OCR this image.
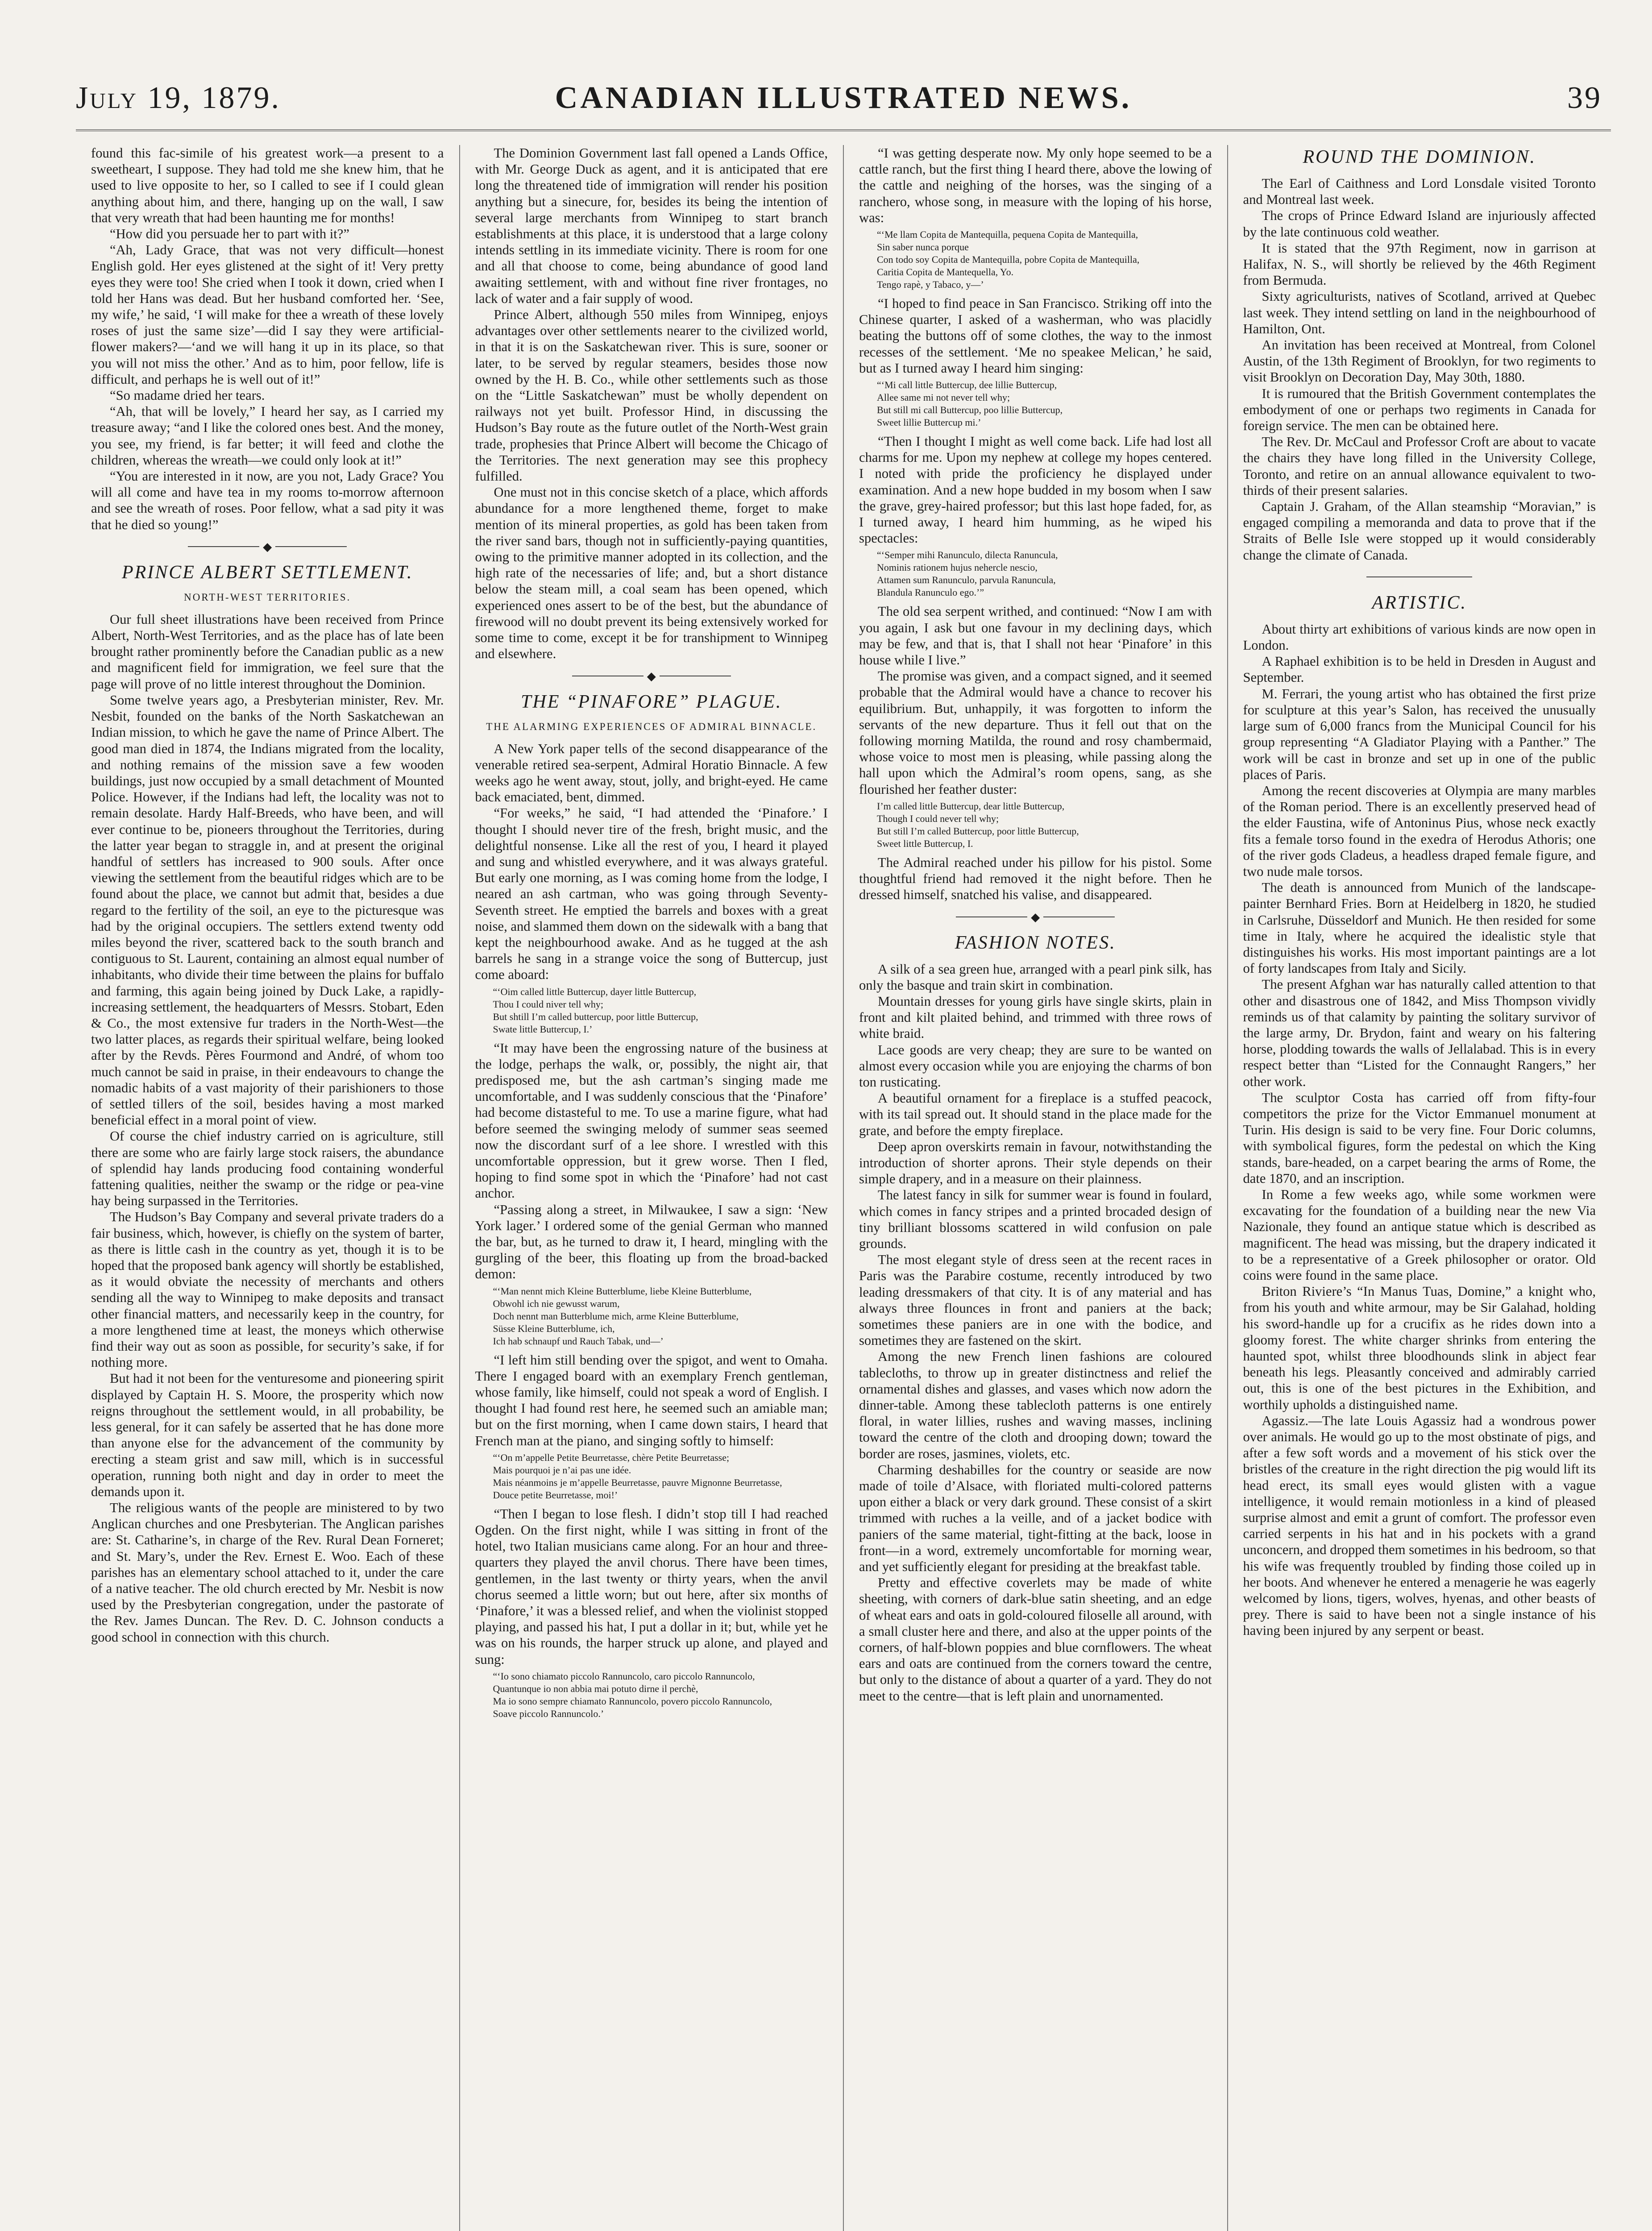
July 19, 1879.	CANADIAN ILLUSTRATED NEWS.	39

found this fac-simile of his greatest work—a present to a sweetheart, I suppose. They had told me she knew him, that he used to live opposite to her, so I called to see if I could glean anything about him, and there, hanging up on the wall, I saw that very wreath that had been haunting me for months!

“How did you persuade her to part with it?”

“Ah, Lady Grace, that was not very difficult—honest English gold. Her eyes glistened at the sight of it! Very pretty eyes they were too! She cried when I took it down, cried when I told her Hans was dead. But her husband comforted her. ‘See, my wife,’ he said, ‘I will make for thee a wreath of these lovely roses of just the same size’—did I say they were artificial-flower makers?—‘and we will hang it up in its place, so that you will not miss the other.’ And as to him, poor fellow, life is difficult, and perhaps he is well out of it!”

“So madame dried her tears.

“Ah, that will be lovely,” I heard her say, as I carried my treasure away; “and I like the colored ones best. And the money, you see, my friend, is far better; it will feed and clothe the children, whereas the wreath—we could only look at it!”

“You are interested in it now, are you not, Lady Grace? You will all come and have tea in my rooms to-morrow afternoon and see the wreath of roses. Poor fellow, what a sad pity it was that he died so young!”

◆
PRINCE ALBERT SETTLEMENT.
NORTH-WEST TERRITORIES.

Our full sheet illustrations have been received from Prince Albert, North-West Territories, and as the place has of late been brought rather prominently before the Canadian public as a new and magnificent field for immigration, we feel sure that the page will prove of no little interest throughout the Dominion.

Some twelve years ago, a Presbyterian minister, Rev. Mr. Nesbit, founded on the banks of the North Saskatchewan an Indian mission, to which he gave the name of Prince Albert. The good man died in 1874, the Indians migrated from the locality, and nothing remains of the mission save a few wooden buildings, just now occupied by a small detachment of Mounted Police. However, if the Indians had left, the locality was not to remain desolate. Hardy Half-Breeds, who have been, and will ever continue to be, pioneers throughout the Territories, during the latter year began to straggle in, and at present the original handful of settlers has increased to 900 souls. After once viewing the settlement from the beautiful ridges which are to be found about the place, we cannot but admit that, besides a due regard to the fertility of the soil, an eye to the picturesque was had by the original occupiers. The settlers extend twenty odd miles beyond the river, scattered back to the south branch and contiguous to St. Laurent, containing an almost equal number of inhabitants, who divide their time between the plains for buffalo and farming, this again being joined by Duck Lake, a rapidly-increasing settlement, the headquarters of Messrs. Stobart, Eden & Co., the most extensive fur traders in the North-West—the two latter places, as regards their spiritual welfare, being looked after by the Revds. Pères Fourmond and André, of whom too much cannot be said in praise, in their endeavours to change the nomadic habits of a vast majority of their parishioners to those of settled tillers of the soil, besides having a most marked beneficial effect in a moral point of view.

Of course the chief industry carried on is agriculture, still there are some who are fairly large stock raisers, the abundance of splendid hay lands producing food containing wonderful fattening qualities, neither the swamp or the ridge or pea-vine hay being surpassed in the Territories.

The Hudson’s Bay Company and several private traders do a fair business, which, however, is chiefly on the system of barter, as there is little cash in the country as yet, though it is to be hoped that the proposed bank agency will shortly be established, as it would obviate the necessity of merchants and others sending all the way to Winnipeg to make deposits and transact other financial matters, and necessarily keep in the country, for a more lengthened time at least, the moneys which otherwise find their way out as soon as possible, for security’s sake, if for nothing more.

But had it not been for the venturesome and pioneering spirit displayed by Captain H. S. Moore, the prosperity which now reigns throughout the settlement would, in all probability, be less general, for it can safely be asserted that he has done more than anyone else for the advancement of the community by erecting a steam grist and saw mill, which is in successful operation, running both night and day in order to meet the demands upon it.

The religious wants of the people are ministered to by two Anglican churches and one Presbyterian. The Anglican parishes are: St. Catharine’s, in charge of the Rev. Rural Dean Forneret; and St. Mary’s, under the Rev. Ernest E. Woo. Each of these parishes has an elementary school attached to it, under the care of a native teacher. The old church erected by Mr. Nesbit is now used by the Presbyterian congregation, under the pastorate of the Rev. James Duncan. The Rev. D. C. Johnson conducts a good school in connection with this church.

The Dominion Government last fall opened a Lands Office, with Mr. George Duck as agent, and it is anticipated that ere long the threatened tide of immigration will render his position anything but a sinecure, for, besides its being the intention of several large merchants from Winnipeg to start branch establishments at this place, it is understood that a large colony intends settling in its immediate vicinity. There is room for one and all that choose to come, being abundance of good land awaiting settlement, with and without fine river frontages, no lack of water and a fair supply of wood.

Prince Albert, although 550 miles from Winnipeg, enjoys advantages over other settlements nearer to the civilized world, in that it is on the Saskatchewan river. This is sure, sooner or later, to be served by regular steamers, besides those now owned by the H. B. Co., while other settlements such as those on the “Little Saskatchewan” must be wholly dependent on railways not yet built. Professor Hind, in discussing the Hudson’s Bay route as the future outlet of the North-West grain trade, prophesies that Prince Albert will become the Chicago of the Territories. The next generation may see this prophecy fulfilled.

One must not in this concise sketch of a place, which affords abundance for a more lengthened theme, forget to make mention of its mineral properties, as gold has been taken from the river sand bars, though not in sufficiently-paying quantities, owing to the primitive manner adopted in its collection, and the high rate of the necessaries of life; and, but a short distance below the steam mill, a coal seam has been opened, which experienced ones assert to be of the best, but the abundance of firewood will no doubt prevent its being extensively worked for some time to come, except it be for transhipment to Winnipeg and elsewhere.

◆
THE “PINAFORE” PLAGUE.
THE ALARMING EXPERIENCES OF ADMIRAL BINNACLE.

A New York paper tells of the second disappearance of the venerable retired sea-serpent, Admiral Horatio Binnacle. A few weeks ago he went away, stout, jolly, and bright-eyed. He came back emaciated, bent, dimmed.

“For weeks,” he said, “I had attended the ‘Pinafore.’ I thought I should never tire of the fresh, bright music, and the delightful nonsense. Like all the rest of you, I heard it played and sung and whistled everywhere, and it was always grateful. But early one morning, as I was coming home from the lodge, I neared an ash cartman, who was going through Seventy-Seventh street. He emptied the barrels and boxes with a great noise, and slammed them down on the sidewalk with a bang that kept the neighbourhood awake. And as he tugged at the ash barrels he sang in a strange voice the song of Buttercup, just come aboard:

“‘Oim called little Buttercup, dayer little Buttercup,
Thou I could niver tell why;
But shtill I’m called buttercup, poor little Buttercup,
Swate little Buttercup, I.’

“It may have been the engrossing nature of the business at the lodge, perhaps the walk, or, possibly, the night air, that predisposed me, but the ash cartman’s singing made me uncomfortable, and I was suddenly conscious that the ‘Pinafore’ had become distasteful to me. To use a marine figure, what had before seemed the swinging melody of summer seas seemed now the discordant surf of a lee shore. I wrestled with this uncomfortable oppression, but it grew worse. Then I fled, hoping to find some spot in which the ‘Pinafore’ had not cast anchor.

“Passing along a street, in Milwaukee, I saw a sign: ‘New York lager.’ I ordered some of the genial German who manned the bar, but, as he turned to draw it, I heard, mingling with the gurgling of the beer, this floating up from the broad-backed demon:

“‘Man nennt mich Kleine Butterblume, liebe Kleine Butterblume,
Obwohl ich nie gewusst warum,
Doch nennt man Butterblume mich, arme Kleine Butterblume,
Süsse Kleine Butterblume, ich,
Ich hab schnaupf und Rauch Tabak, und—’

“I left him still bending over the spigot, and went to Omaha. There I engaged board with an exemplary French gentleman, whose family, like himself, could not speak a word of English. I thought I had found rest here, he seemed such an amiable man; but on the first morning, when I came down stairs, I heard that French man at the piano, and singing softly to himself:

“‘On m’appelle Petite Beurretasse, chère Petite Beurretasse;
Mais pourquoi je n’ai pas une idée.
Mais néanmoins je m’appelle Beurretasse, pauvre Mignonne Beurretasse,
Douce petite Beurretasse, moi!’

“Then I began to lose flesh. I didn’t stop till I had reached Ogden. On the first night, while I was sitting in front of the hotel, two Italian musicians came along. For an hour and three-quarters they played the anvil chorus. There have been times, gentlemen, in the last twenty or thirty years, when the anvil chorus seemed a little worn; but out here, after six months of ‘Pinafore,’ it was a blessed relief, and when the violinist stopped playing, and passed his hat, I put a dollar in it; but, while yet he was on his rounds, the harper struck up alone, and played and sung:

“‘Io sono chiamato piccolo Rannuncolo, caro piccolo Rannuncolo,
Quantunque io non abbia mai potuto dirne il perchè,
Ma io sono sempre chiamato Rannuncolo, povero piccolo Rannuncolo,
Soave piccolo Rannuncolo.’

“I was getting desperate now. My only hope seemed to be a cattle ranch, but the first thing I heard there, above the lowing of the cattle and neighing of the horses, was the singing of a ranchero, whose song, in measure with the loping of his horse, was:

“‘Me llam Copita de Mantequilla, pequena Copita de Mantequilla,
Sin saber nunca porque
Con todo soy Copita de Mantequilla, pobre Copita de Mantequilla,
Caritia Copita de Mantequella, Yo.
Tengo rapè, y Tabaco, y—’

“I hoped to find peace in San Francisco. Striking off into the Chinese quarter, I asked of a washerman, who was placidly beating the buttons off of some clothes, the way to the inmost recesses of the settlement. ‘Me no speakee Melican,’ he said, but as I turned away I heard him singing:

“‘Mi call little Buttercup, dee lillie Buttercup,
Allee same mi not never tell why;
But still mi call Buttercup, poo lillie Buttercup,
Sweet lillie Buttercup mi.’

“Then I thought I might as well come back. Life had lost all charms for me. Upon my nephew at college my hopes centered. I noted with pride the proficiency he displayed under examination. And a new hope budded in my bosom when I saw the grave, grey-haired professor; but this last hope faded, for, as I turned away, I heard him humming, as he wiped his spectacles:

“‘Semper mihi Ranunculo, dilecta Ranuncula,
Nominis rationem hujus nehercle nescio,
Attamen sum Ranunculo, parvula Ranuncula,
Blandula Ranunculo ego.’”

The old sea serpent writhed, and continued: “Now I am with you again, I ask but one favour in my declining days, which may be few, and that is, that I shall not hear ‘Pinafore’ in this house while I live.”

The promise was given, and a compact signed, and it seemed probable that the Admiral would have a chance to recover his equilibrium. But, unhappily, it was forgotten to inform the servants of the new departure. Thus it fell out that on the following morning Matilda, the round and rosy chambermaid, whose voice to most men is pleasing, while passing along the hall upon which the Admiral’s room opens, sang, as she flourished her feather duster:

I’m called little Buttercup, dear little Buttercup,
Though I could never tell why;
But still I’m called Buttercup, poor little Buttercup,
Sweet little Buttercup, I.

The Admiral reached under his pillow for his pistol. Some thoughtful friend had removed it the night before. Then he dressed himself, snatched his valise, and disappeared.

◆
FASHION NOTES.

A silk of a sea green hue, arranged with a pearl pink silk, has only the basque and train skirt in combination.

Mountain dresses for young girls have single skirts, plain in front and kilt plaited behind, and trimmed with three rows of white braid.

Lace goods are very cheap; they are sure to be wanted on almost every occasion while you are enjoying the charms of bon ton rusticating.

A beautiful ornament for a fireplace is a stuffed peacock, with its tail spread out. It should stand in the place made for the grate, and before the empty fireplace.

Deep apron overskirts remain in favour, notwithstanding the introduction of shorter aprons. Their style depends on their simple drapery, and in a measure on their plainness.

The latest fancy in silk for summer wear is found in foulard, which comes in fancy stripes and a printed brocaded design of tiny brilliant blossoms scattered in wild confusion on pale grounds.

The most elegant style of dress seen at the recent races in Paris was the Parabire costume, recently introduced by two leading dressmakers of that city. It is of any material and has always three flounces in front and paniers at the back; sometimes these paniers are in one with the bodice, and sometimes they are fastened on the skirt.

Among the new French linen fashions are coloured tablecloths, to throw up in greater distinctness and relief the ornamental dishes and glasses, and vases which now adorn the dinner-table. Among these tablecloth patterns is one entirely floral, in water lillies, rushes and waving masses, inclining toward the centre of the cloth and drooping down; toward the border are roses, jasmines, violets, etc.

Charming deshabilles for the country or seaside are now made of toile d’Alsace, with floriated multi-colored patterns upon either a black or very dark ground. These consist of a skirt trimmed with ruches a la veille, and of a jacket bodice with paniers of the same material, tight-fitting at the back, loose in front—in a word, extremely uncomfortable for morning wear, and yet sufficiently elegant for presiding at the breakfast table.

Pretty and effective coverlets may be made of white sheeting, with corners of dark-blue satin sheeting, and an edge of wheat ears and oats in gold-coloured filoselle all around, with a small cluster here and there, and also at the upper points of the corners, of half-blown poppies and blue cornflowers. The wheat ears and oats are continued from the corners toward the centre, but only to the distance of about a quarter of a yard. They do not meet to the centre—that is left plain and unornamented.

ROUND THE DOMINION.

The Earl of Caithness and Lord Lonsdale visited Toronto and Montreal last week.

The crops of Prince Edward Island are injuriously affected by the late continuous cold weather.

It is stated that the 97th Regiment, now in garrison at Halifax, N. S., will shortly be relieved by the 46th Regiment from Bermuda.

Sixty agriculturists, natives of Scotland, arrived at Quebec last week. They intend settling on land in the neighbourhood of Hamilton, Ont.

An invitation has been received at Montreal, from Colonel Austin, of the 13th Regiment of Brooklyn, for two regiments to visit Brooklyn on Decoration Day, May 30th, 1880.

It is rumoured that the British Government contemplates the embodyment of one or perhaps two regiments in Canada for foreign service. The men can be obtained here.

The Rev. Dr. McCaul and Professor Croft are about to vacate the chairs they have long filled in the University College, Toronto, and retire on an annual allowance equivalent to two-thirds of their present salaries.

Captain J. Graham, of the Allan steamship “Moravian,” is engaged compiling a memoranda and data to prove that if the Straits of Belle Isle were stopped up it would considerably change the climate of Canada.

ARTISTIC.

About thirty art exhibitions of various kinds are now open in London.

A Raphael exhibition is to be held in Dresden in August and September.

M. Ferrari, the young artist who has obtained the first prize for sculpture at this year’s Salon, has received the unusually large sum of 6,000 francs from the Municipal Council for his group representing “A Gladiator Playing with a Panther.” The work will be cast in bronze and set up in one of the public places of Paris.

Among the recent discoveries at Olympia are many marbles of the Roman period. There is an excellently preserved head of the elder Faustina, wife of Antoninus Pius, whose neck exactly fits a female torso found in the exedra of Herodus Athoris; one of the river gods Cladeus, a headless draped female figure, and two nude male torsos.

The death is announced from Munich of the landscape-painter Bernhard Fries. Born at Heidelberg in 1820, he studied in Carlsruhe, Düsseldorf and Munich. He then resided for some time in Italy, where he acquired the idealistic style that distinguishes his works. His most important paintings are a lot of forty landscapes from Italy and Sicily.

The present Afghan war has naturally called attention to that other and disastrous one of 1842, and Miss Thompson vividly reminds us of that calamity by painting the solitary survivor of the large army, Dr. Brydon, faint and weary on his faltering horse, plodding towards the walls of Jellalabad. This is in every respect better than “Listed for the Connaught Rangers,” her other work.

The sculptor Costa has carried off from fifty-four competitors the prize for the Victor Emmanuel monument at Turin. His design is said to be very fine. Four Doric columns, with symbolical figures, form the pedestal on which the King stands, bare-headed, on a carpet bearing the arms of Rome, the date 1870, and an inscription.

In Rome a few weeks ago, while some workmen were excavating for the foundation of a building near the new Via Nazionale, they found an antique statue which is described as magnificent. The head was missing, but the drapery indicated it to be a representative of a Greek philosopher or orator. Old coins were found in the same place.

Briton Riviere’s “In Manus Tuas, Domine,” a knight who, from his youth and white armour, may be Sir Galahad, holding his sword-handle up for a crucifix as he rides down into a gloomy forest. The white charger shrinks from entering the haunted spot, whilst three bloodhounds slink in abject fear beneath his legs. Pleasantly conceived and admirably carried out, this is one of the best pictures in the Exhibition, and worthily upholds a distinguished name.

Agassiz.—The late Louis Agassiz had a wondrous power over animals. He would go up to the most obstinate of pigs, and after a few soft words and a movement of his stick over the bristles of the creature in the right direction the pig would lift its head erect, its small eyes would glisten with a vague intelligence, it would remain motionless in a kind of pleased surprise almost and emit a grunt of comfort. The professor even carried serpents in his hat and in his pockets with a grand unconcern, and dropped them sometimes in his bedroom, so that his wife was frequently troubled by finding those coiled up in her boots. And whenever he entered a menagerie he was eagerly welcomed by lions, tigers, wolves, hyenas, and other beasts of prey. There is said to have been not a single instance of his having been injured by any serpent or beast.
